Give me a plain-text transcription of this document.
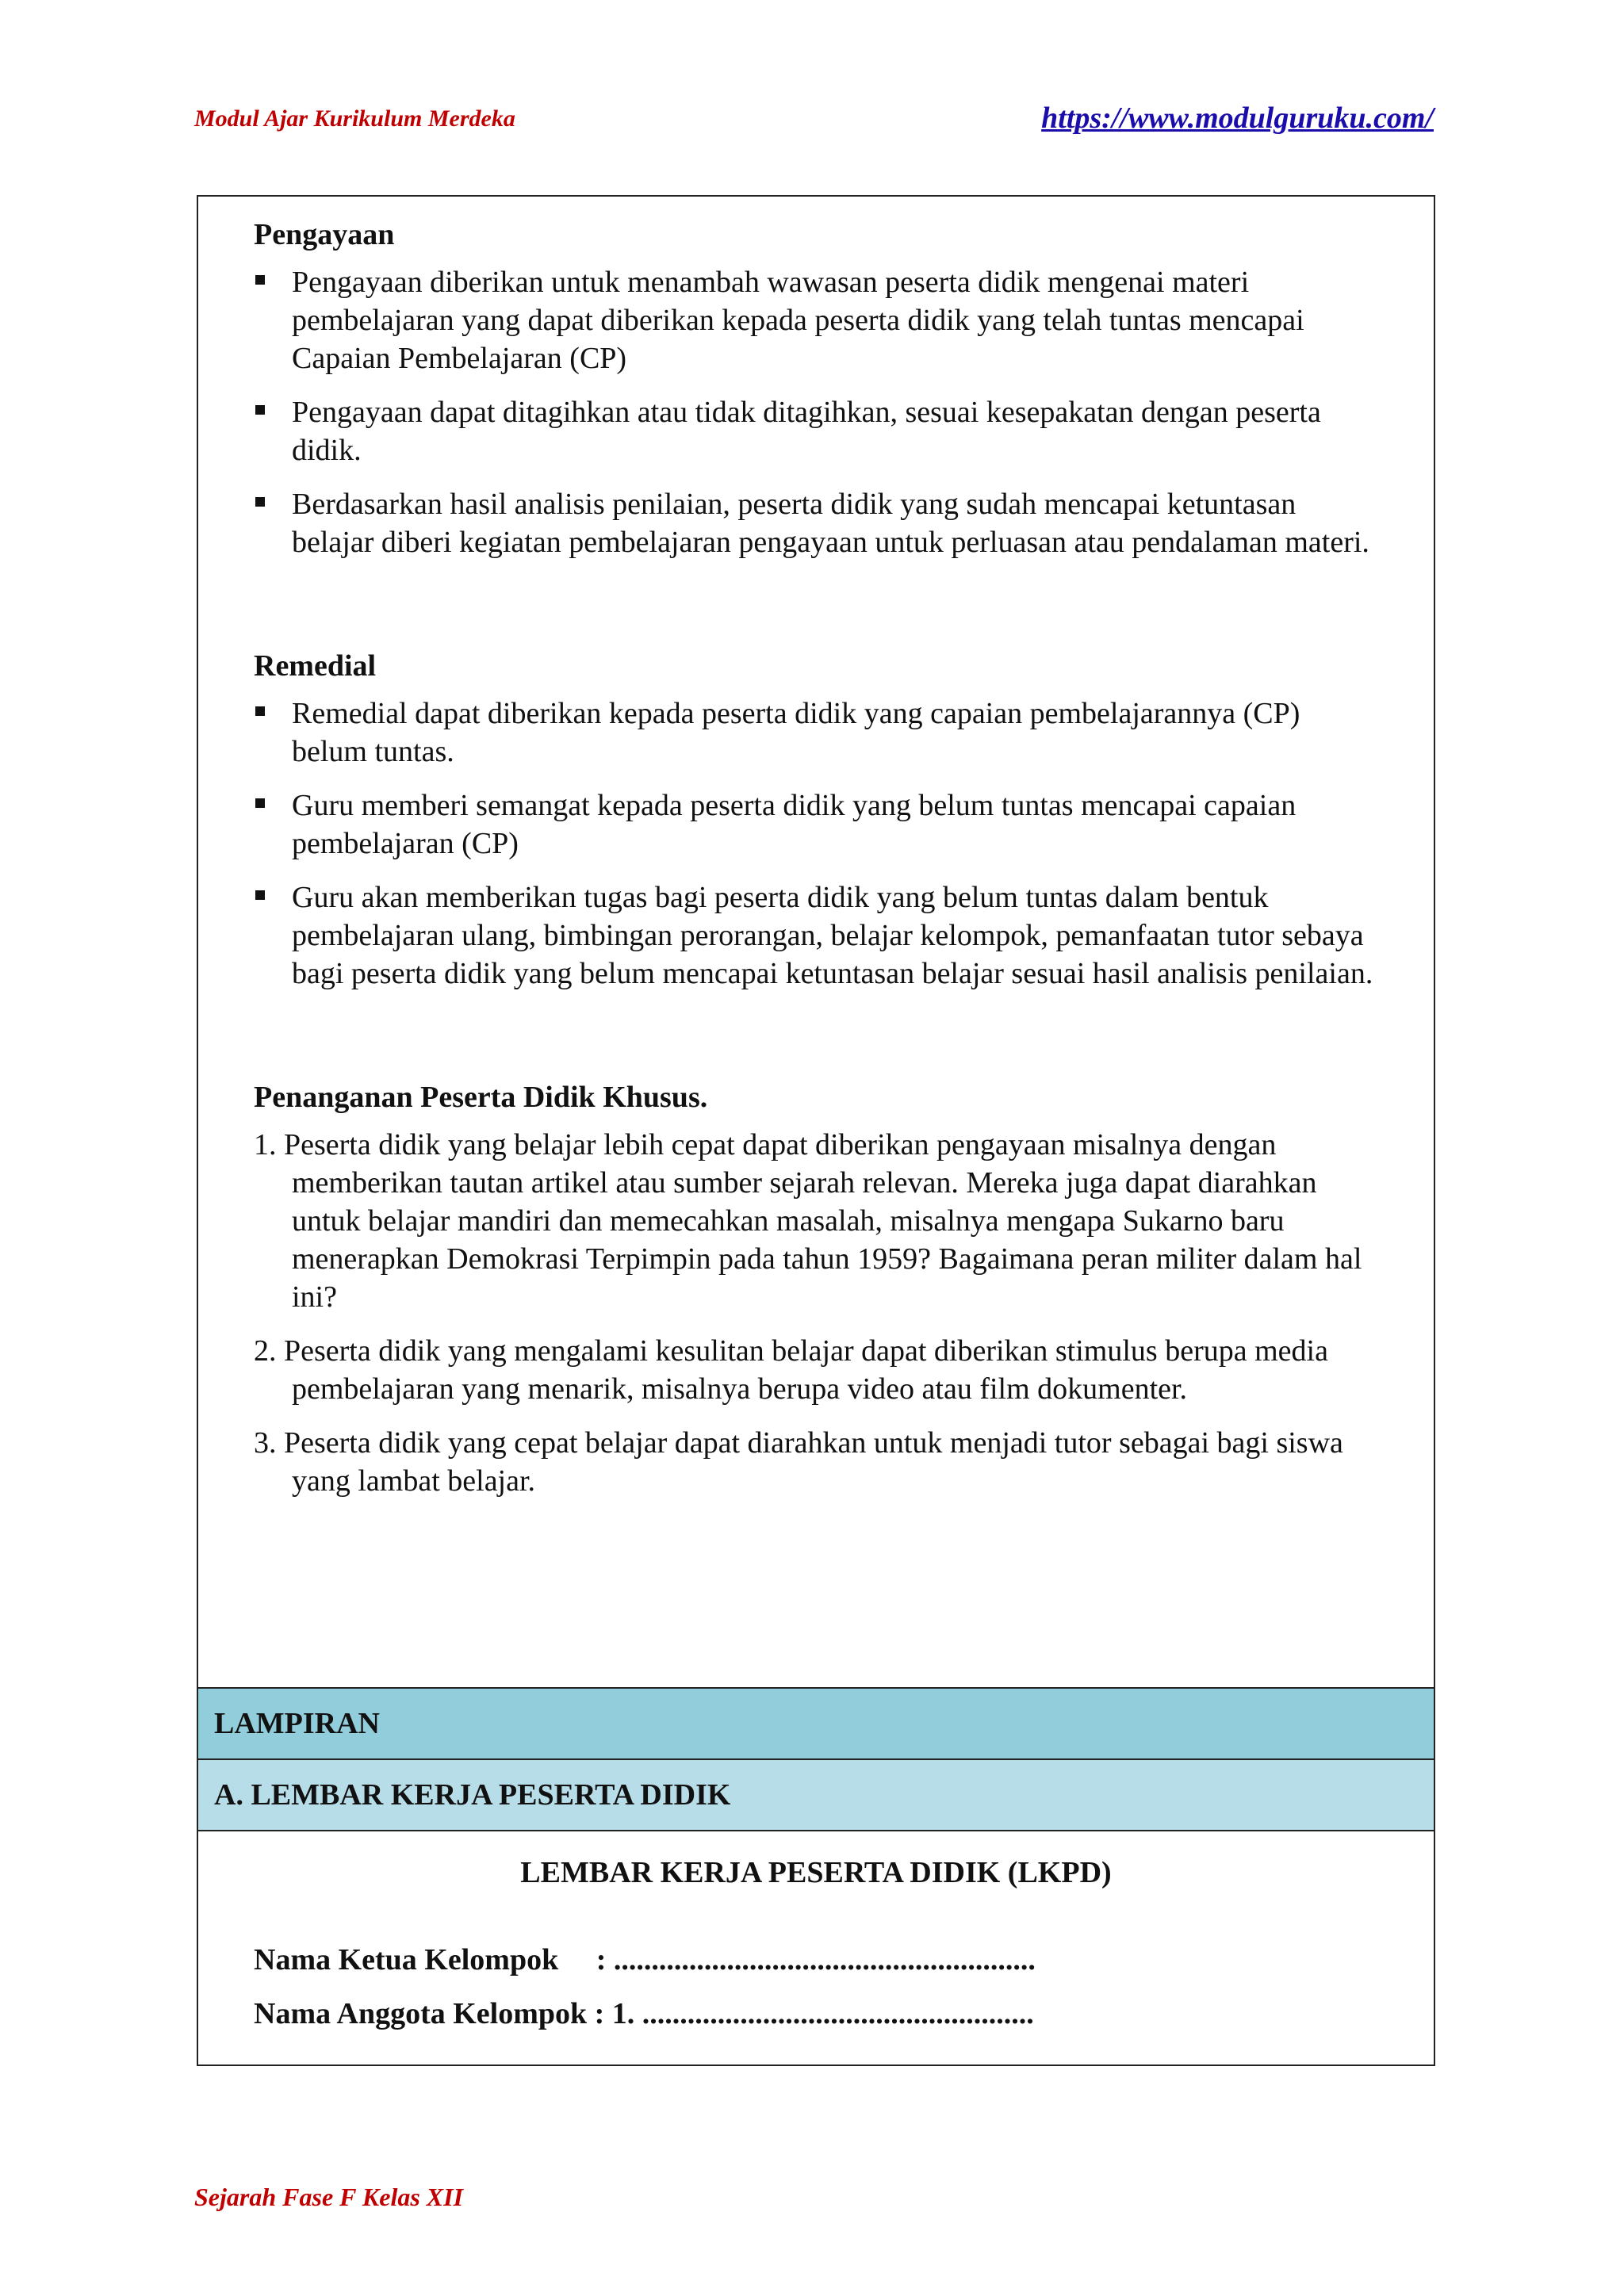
Modul Ajar Kurikulum Merdeka	https://www.modulguruku.com/
Pengayaan
Pengayaan diberikan untuk menambah wawasan peserta didik mengenai materi pembelajaran yang dapat diberikan kepada peserta didik yang telah tuntas mencapai Capaian Pembelajaran (CP)
Pengayaan dapat ditagihkan atau tidak ditagihkan, sesuai kesepakatan dengan peserta didik.
Berdasarkan hasil analisis penilaian, peserta didik yang sudah mencapai ketuntasan belajar diberi kegiatan pembelajaran pengayaan untuk perluasan atau pendalaman materi.
Remedial
Remedial dapat diberikan kepada peserta didik yang capaian pembelajarannya (CP) belum tuntas.
Guru memberi semangat kepada peserta didik yang belum tuntas mencapai capaian pembelajaran (CP)
Guru akan memberikan tugas bagi peserta didik yang belum tuntas dalam bentuk pembelajaran ulang, bimbingan perorangan, belajar kelompok, pemanfaatan tutor sebaya bagi peserta didik yang belum mencapai ketuntasan belajar sesuai hasil analisis penilaian.
Penanganan Peserta Didik Khusus.
1. Peserta didik yang belajar lebih cepat dapat diberikan pengayaan misalnya dengan memberikan tautan artikel atau sumber sejarah relevan. Mereka juga dapat diarahkan untuk belajar mandiri dan memecahkan masalah, misalnya mengapa Sukarno baru menerapkan Demokrasi Terpimpin pada tahun 1959? Bagaimana peran militer dalam hal ini?
2. Peserta didik yang mengalami kesulitan belajar dapat diberikan stimulus berupa media pembelajaran yang menarik, misalnya berupa video atau film dokumenter.
3. Peserta didik yang cepat belajar dapat diarahkan untuk menjadi tutor sebagai bagi siswa yang lambat belajar.
LAMPIRAN
A. LEMBAR KERJA PESERTA DIDIK
LEMBAR KERJA PESERTA DIDIK (LKPD)
Nama Ketua Kelompok     : ........................................................
Nama Anggota Kelompok : 1. ....................................................
Sejarah Fase F Kelas XII
